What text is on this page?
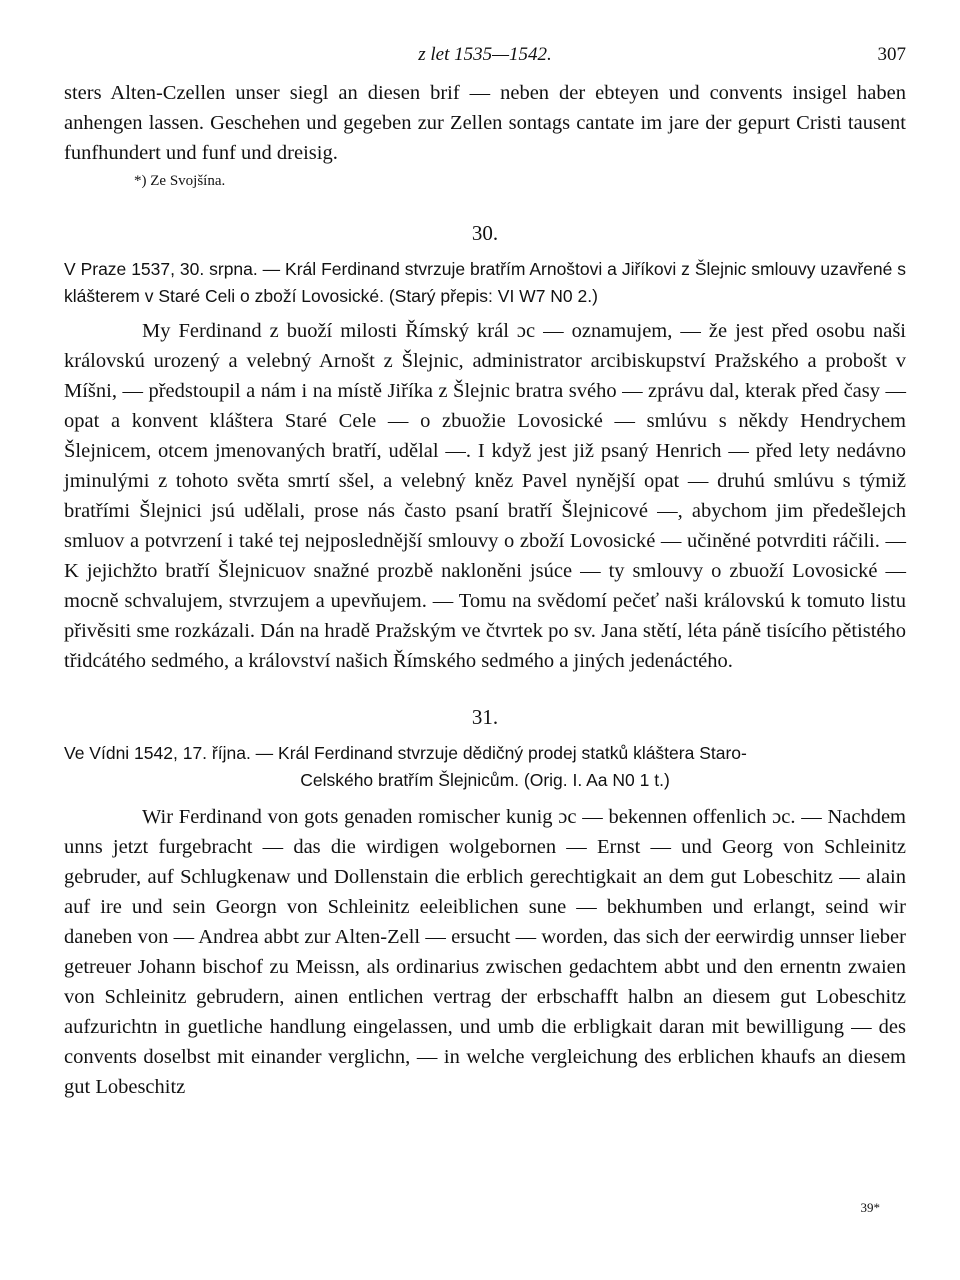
z let 1535—1542.	307

sters Alten-Czellen unser siegl an diesen brif — neben der ebteyen und convents insigel haben anhengen lassen. Geschehen und gegeben zur Zellen sontags cantate im jare der gepurt Cristi tausent funfhundert und funf und dreisig.

*) Ze Svojšína.

30.

V Praze 1537, 30. srpna. — Král Ferdinand stvrzuje bratřím Arnoštovi a Jiříkovi z Šlejnic smlouvy uzavřené s klášterem v Staré Celi o zboží Lovosické. (Starý přepis: VI W7 N0 2.)

My Ferdinand z buoží milosti Římský král ɔc — oznamujem, — že jest před osobu naši královskú urozený a velebný Arnošt z Šlejnic, administrator arcibiskupství Pražského a probošt v Míšni, — předstoupil a nám i na místě Jiříka z Šlejnic bratra svého — zprávu dal, kterak před časy — opat a konvent kláštera Staré Cele — o zbuožie Lovosické — smlúvu s někdy Hendrychem Šlejnicem, otcem jmenovaných bratří, udělal —. I když jest již psaný Henrich — před lety nedávno jminulými z tohoto světa smrtí sšel, a velebný kněz Pavel nynější opat — druhú smlúvu s týmiž bratřími Šlejnici jsú udělali, prose nás často psaní bratří Šlejnicové —, abychom jim předešlejch smluov a potvrzení i také tej nejposlednější smlouvy o zboží Lovosické — učiněné potvrditi ráčili. — K jejichžto bratří Šlejnicuov snažné prozbě nakloněni jsúce — ty smlouvy o zbuoží Lovosické — mocně schvalujem, stvrzujem a upevňujem. — Tomu na svědomí pečeť naši královskú k tomuto listu přivěsiti sme rozkázali. Dán na hradě Pražským ve čtvrtek po sv. Jana stětí, léta páně tisícího pětistého třidcátého sedmého, a království našich Římského sedmého a jiných jedenáctého.

31.

Ve Vídni 1542, 17. října. — Král Ferdinand stvrzuje dědičný prodej statků kláštera Staro-

Celského bratřím Šlejnicům. (Orig. I. Aa N0 1 t.)

Wir Ferdinand von gots genaden romischer kunig ɔc — bekennen offenlich ɔc. — Nachdem unns jetzt furgebracht — das die wirdigen wolgebornen — Ernst — und Georg von Schleinitz gebruder, auf Schlugkenaw und Dollenstain die erblich gerechtigkait an dem gut Lobeschitz — alain auf ire und sein Georgn von Schleinitz eeleiblichen sune — bekhumben und erlangt, seind wir daneben von — Andrea abbt zur Alten-Zell — ersucht — worden, das sich der eerwirdig unnser lieber getreuer Johann bischof zu Meissn, als ordinarius zwischen gedachtem abbt und den ernentn zwaien von Schleinitz gebrudern, ainen entlichen vertrag der erbschafft halbn an diesem gut Lobeschitz aufzurichtn in guetliche handlung eingelassen, und umb die erbligkait daran mit bewilligung — des convents doselbst mit einander verglichn, — in welche vergleichung des erblichen khaufs an diesem gut Lobeschitz

39*
